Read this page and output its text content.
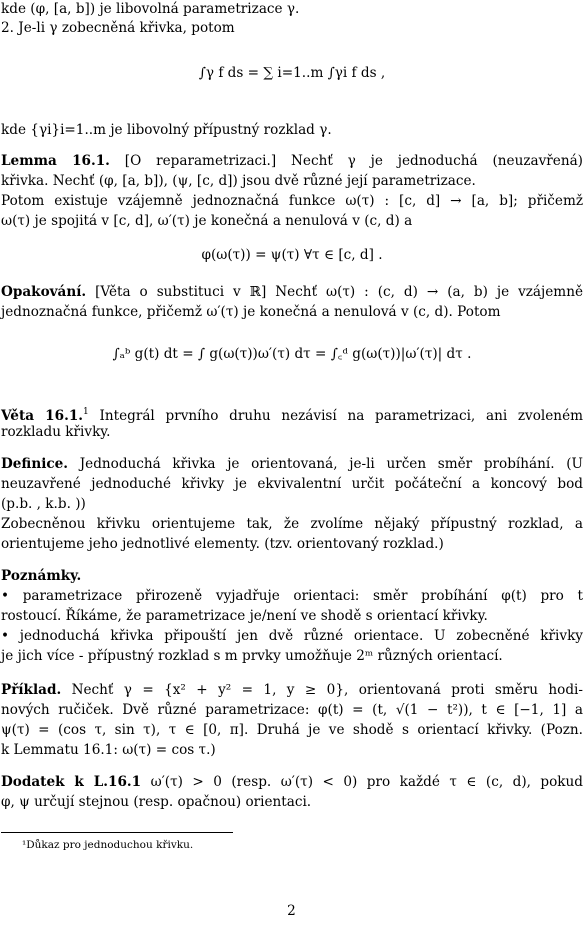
kde (φ, [a, b]) je libovolná parametrizace γ.
2. Je-li γ zobecněná křivka, potom
∫γ f ds = ∑ i=1..m ∫γi f ds ,
kde {γi}i=1..m je libovolný přípustný rozklad γ.
Lemma 16.1. [O reparametrizaci.] Nechť γ je jednoduchá (neuzavřená)
křivka. Nechť (φ, [a, b]), (ψ, [c, d]) jsou dvě různé její parametrizace.
Potom existuje vzájemně jednoznačná funkce ω(τ) : [c, d] → [a, b]; přičemž
ω(τ) je spojitá v [c, d], ω′(τ) je konečná a nenulová v (c, d) a
φ(ω(τ)) = ψ(τ) ∀τ ∈ [c, d] .
Opakování. [Věta o substituci v ℝ] Nechť ω(τ) : (c, d) → (a, b) je vzájemně
jednoznačná funkce, přičemž ω′(τ) je konečná a nenulová v (c, d). Potom
∫ₐᵇ g(t) dt = ∫ g(ω(τ))ω′(τ) dτ = ∫꜀ᵈ g(ω(τ))|ω′(τ)| dτ .
Věta 16.1.$^1$ Integrál prvního druhu nezávisí na parametrizaci, ani zvoleném
rozkladu křivky.
Definice. Jednoduchá křivka je orientovaná, je-li určen směr probíhání. (U
neuzavřené jednoduché křivky je ekvivalentní určit počáteční a koncový bod
(p.b. , k.b. ))
Zobecněnou křivku orientujeme tak, že zvolíme nějaký přípustný rozklad, a
orientujeme jeho jednotlivé elementy. (tzv. orientovaný rozklad.)
Poznámky.
• parametrizace přirozeně vyjadřuje orientaci: směr probíhání φ(t) pro t
rostoucí. Říkáme, že parametrizace je/není ve shodě s orientací křivky.
• jednoduchá křivka připouští jen dvě různé orientace. U zobecněné křivky
je jich více - přípustný rozklad s m prvky umožňuje 2ᵐ různých orientací.
Příklad. Nechť γ = {x² + y² = 1, y ≥ 0}, orientovaná proti směru hodi-
nových ručiček. Dvě různé parametrizace: φ(t) = (t, √(1 − t²)), t ∈ [−1, 1] a
ψ(τ) = (cos τ, sin τ), τ ∈ [0, π]. Druhá je ve shodě s orientací křivky. (Pozn.
k Lemmatu 16.1: ω(τ) = cos τ.)
Dodatek k L.16.1 ω′(τ) > 0 (resp. ω′(τ) < 0) pro každé τ ∈ (c, d), pokud
φ, ψ určují stejnou (resp. opačnou) orientaci.
¹Důkaz pro jednoduchou křivku.
2
